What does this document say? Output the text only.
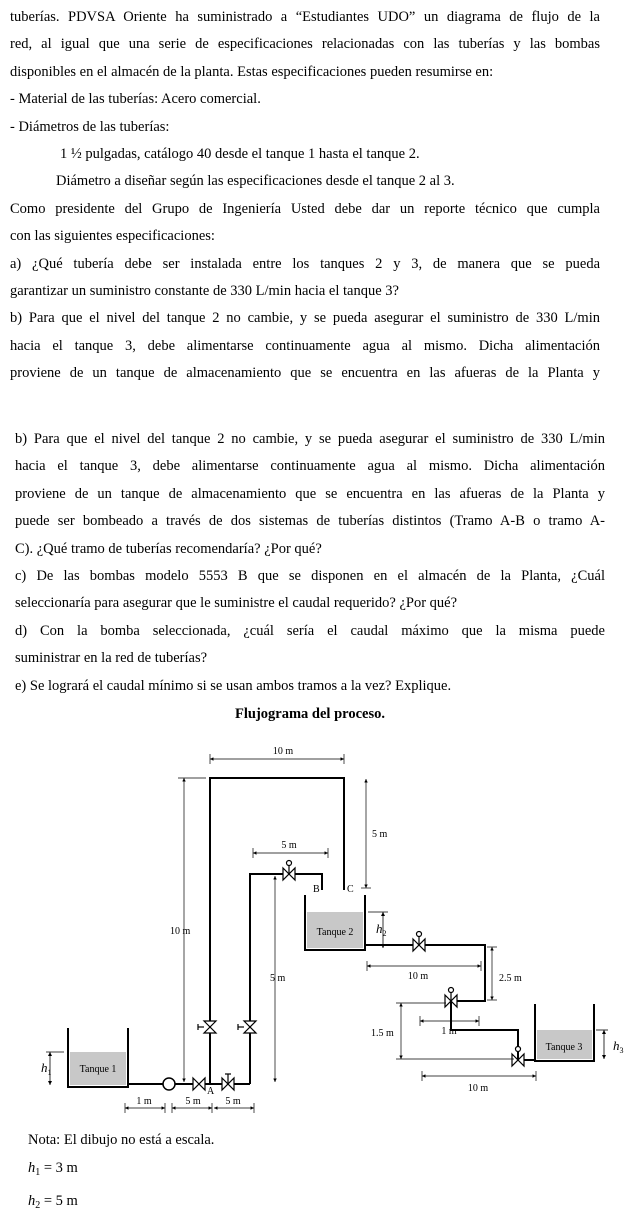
tuberías. PDVSA Oriente ha suministrado a “Estudiantes UDO” un diagrama de flujo de la
red, al igual que una serie de especificaciones relacionadas con las tuberías y las bombas
disponibles en el almacén de la planta. Estas especificaciones pueden resumirse en:
- Material de las tuberías: Acero comercial.
- Diámetros de las tuberías:
1 ½ pulgadas, catálogo 40 desde el tanque 1 hasta el tanque 2.
Diámetro a diseñar según las especificaciones desde el tanque 2 al 3.
Como presidente del Grupo de Ingeniería Usted debe dar un reporte técnico que cumpla
con las siguientes especificaciones:
a) ¿Qué tubería debe ser instalada entre los tanques 2 y 3, de manera que se pueda
garantizar un suministro constante de 330 L/min hacia el tanque 3?
b) Para que el nivel del tanque 2 no cambie, y se pueda asegurar el suministro de 330 L/min
hacia el tanque 3, debe alimentarse continuamente agua al mismo. Dicha alimentación
proviene de un tanque de almacenamiento que se encuentra en las afueras de la Planta y
b) Para que el nivel del tanque 2 no cambie, y se pueda asegurar el suministro de 330 L/min
hacia el tanque 3, debe alimentarse continuamente agua al mismo. Dicha alimentación
proviene de un tanque de almacenamiento que se encuentra en las afueras de la Planta y
puede ser bombeado a través de dos sistemas de tuberías distintos (Tramo A-B o tramo A-
C). ¿Qué tramo de tuberías recomendaría? ¿Por qué?
c) De las bombas modelo 5553 B que se disponen en el almacén de la Planta, ¿Cuál
seleccionaría para asegurar que le suministre el caudal requerido? ¿Por qué?
d) Con la bomba seleccionada, ¿cuál sería el caudal máximo que la misma puede
suministrar en la red de tuberías?
e) Se logrará el caudal mínimo si se usan ambos tramos a la vez? Explique.
Flujograma del proceso.
Tanque 1
Tanque 2
Tanque 3
A
B	C
$h_1$
$h_2$
$h_3$
10 m
5 m
5 m
10 m
5 m	10 m	2.5 m
1.5 m	1 m
10 m
1 m	5 m 5 m
Nota: El dibujo no está a escala.
$h_1 = 3$ m
$h_2 = 5$ m
